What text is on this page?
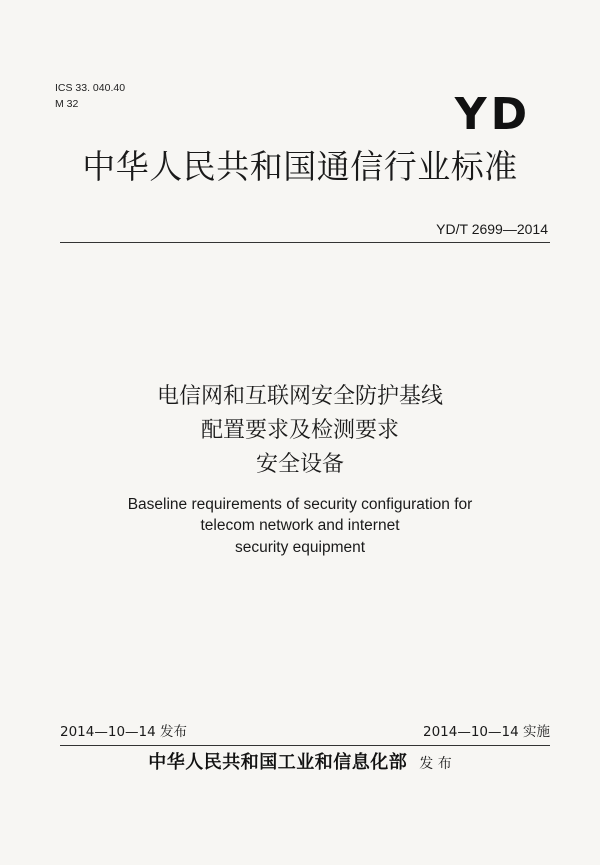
ICS 33. 040.40
M 32	YD
中华人民共和国通信行业标准
YD/T 2699—2014
电信网和互联网安全防护基线
配置要求及检测要求
安全设备
Baseline requirements of security configuration for
telecom network and internet
security equipment
2014—10—14 发布	2014—10—14 实施
中华人民共和国工业和信息化部 发 布
